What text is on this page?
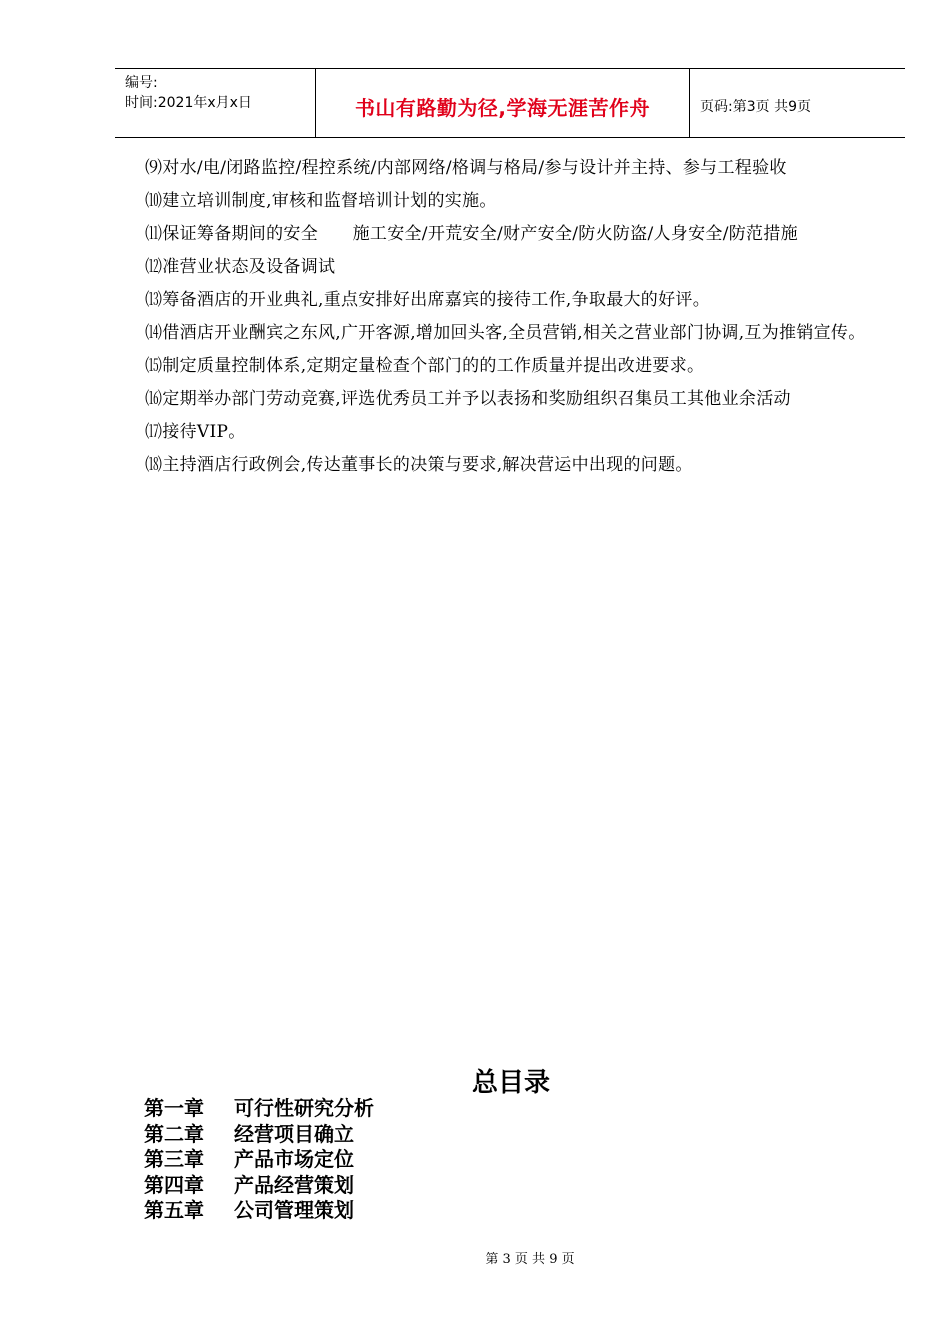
编号:
时间:2021年x月x日	书山有路勤为径,学海无涯苦作舟	页码:第3页 共9页

⑼对水/电/闭路监控/程控系统/内部网络/格调与格局/参与设计并主持、参与工程验收

⑽建立培训制度,审核和监督培训计划的实施。

⑾保证筹备期间的安全　　施工安全/开荒安全/财产安全/防火防盗/人身安全/防范措施

⑿准营业状态及设备调试

⒀筹备酒店的开业典礼,重点安排好出席嘉宾的接待工作,争取最大的好评。

⒁借酒店开业酬宾之东风,广开客源,增加回头客,全员营销,相关之营业部门协调,互为推销宣传。

⒂制定质量控制体系,定期定量检查个部门的的工作质量并提出改进要求。

⒃定期举办部门劳动竞赛,评选优秀员工并予以表扬和奖励组织召集员工其他业余活动

⒄接待VIP。

⒅主持酒店行政例会,传达董事长的决策与要求,解决营运中出现的问题。

总目录
第一章	可行性研究分析
第二章	经营项目确立
第三章	产品市场定位
第四章	产品经营策划
第五章	公司管理策划
第 3 页 共 9 页
